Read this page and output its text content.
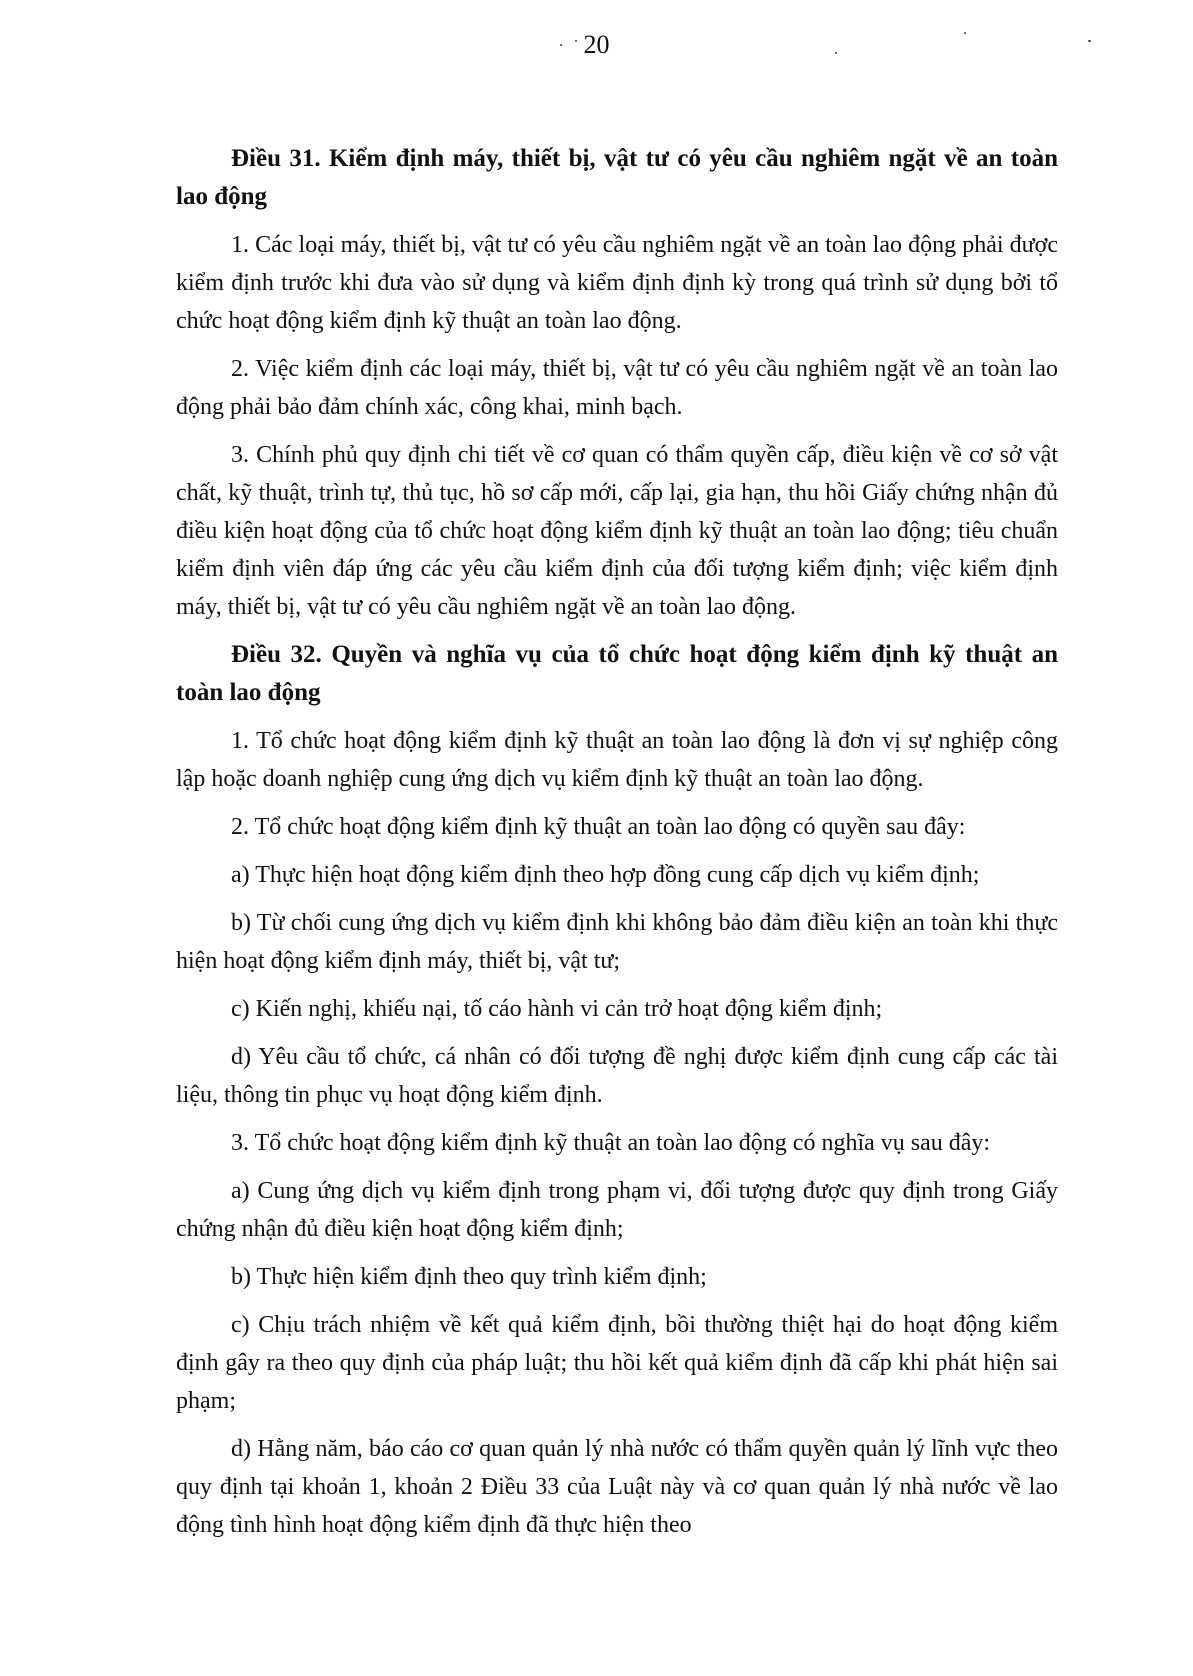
20

Điều 31. Kiểm định máy, thiết bị, vật tư có yêu cầu nghiêm ngặt về an toàn lao động

1. Các loại máy, thiết bị, vật tư có yêu cầu nghiêm ngặt về an toàn lao động phải được kiểm định trước khi đưa vào sử dụng và kiểm định định kỳ trong quá trình sử dụng bởi tổ chức hoạt động kiểm định kỹ thuật an toàn lao động.

2. Việc kiểm định các loại máy, thiết bị, vật tư có yêu cầu nghiêm ngặt về an toàn lao động phải bảo đảm chính xác, công khai, minh bạch.

3. Chính phủ quy định chi tiết về cơ quan có thẩm quyền cấp, điều kiện về cơ sở vật chất, kỹ thuật, trình tự, thủ tục, hồ sơ cấp mới, cấp lại, gia hạn, thu hồi Giấy chứng nhận đủ điều kiện hoạt động của tổ chức hoạt động kiểm định kỹ thuật an toàn lao động; tiêu chuẩn kiểm định viên đáp ứng các yêu cầu kiểm định của đối tượng kiểm định; việc kiểm định máy, thiết bị, vật tư có yêu cầu nghiêm ngặt về an toàn lao động.

Điều 32. Quyền và nghĩa vụ của tổ chức hoạt động kiểm định kỹ thuật an toàn lao động

1. Tổ chức hoạt động kiểm định kỹ thuật an toàn lao động là đơn vị sự nghiệp công lập hoặc doanh nghiệp cung ứng dịch vụ kiểm định kỹ thuật an toàn lao động.

2. Tổ chức hoạt động kiểm định kỹ thuật an toàn lao động có quyền sau đây:

a) Thực hiện hoạt động kiểm định theo hợp đồng cung cấp dịch vụ kiểm định;

b) Từ chối cung ứng dịch vụ kiểm định khi không bảo đảm điều kiện an toàn khi thực hiện hoạt động kiểm định máy, thiết bị, vật tư;

c) Kiến nghị, khiếu nại, tố cáo hành vi cản trở hoạt động kiểm định;

d) Yêu cầu tổ chức, cá nhân có đối tượng đề nghị được kiểm định cung cấp các tài liệu, thông tin phục vụ hoạt động kiểm định.

3. Tổ chức hoạt động kiểm định kỹ thuật an toàn lao động có nghĩa vụ sau đây:

a) Cung ứng dịch vụ kiểm định trong phạm vi, đối tượng được quy định trong Giấy chứng nhận đủ điều kiện hoạt động kiểm định;

b) Thực hiện kiểm định theo quy trình kiểm định;

c) Chịu trách nhiệm về kết quả kiểm định, bồi thường thiệt hại do hoạt động kiểm định gây ra theo quy định của pháp luật; thu hồi kết quả kiểm định đã cấp khi phát hiện sai phạm;

d) Hằng năm, báo cáo cơ quan quản lý nhà nước có thẩm quyền quản lý lĩnh vực theo quy định tại khoản 1, khoản 2 Điều 33 của Luật này và cơ quan quản lý nhà nước về lao động tình hình hoạt động kiểm định đã thực hiện theo
